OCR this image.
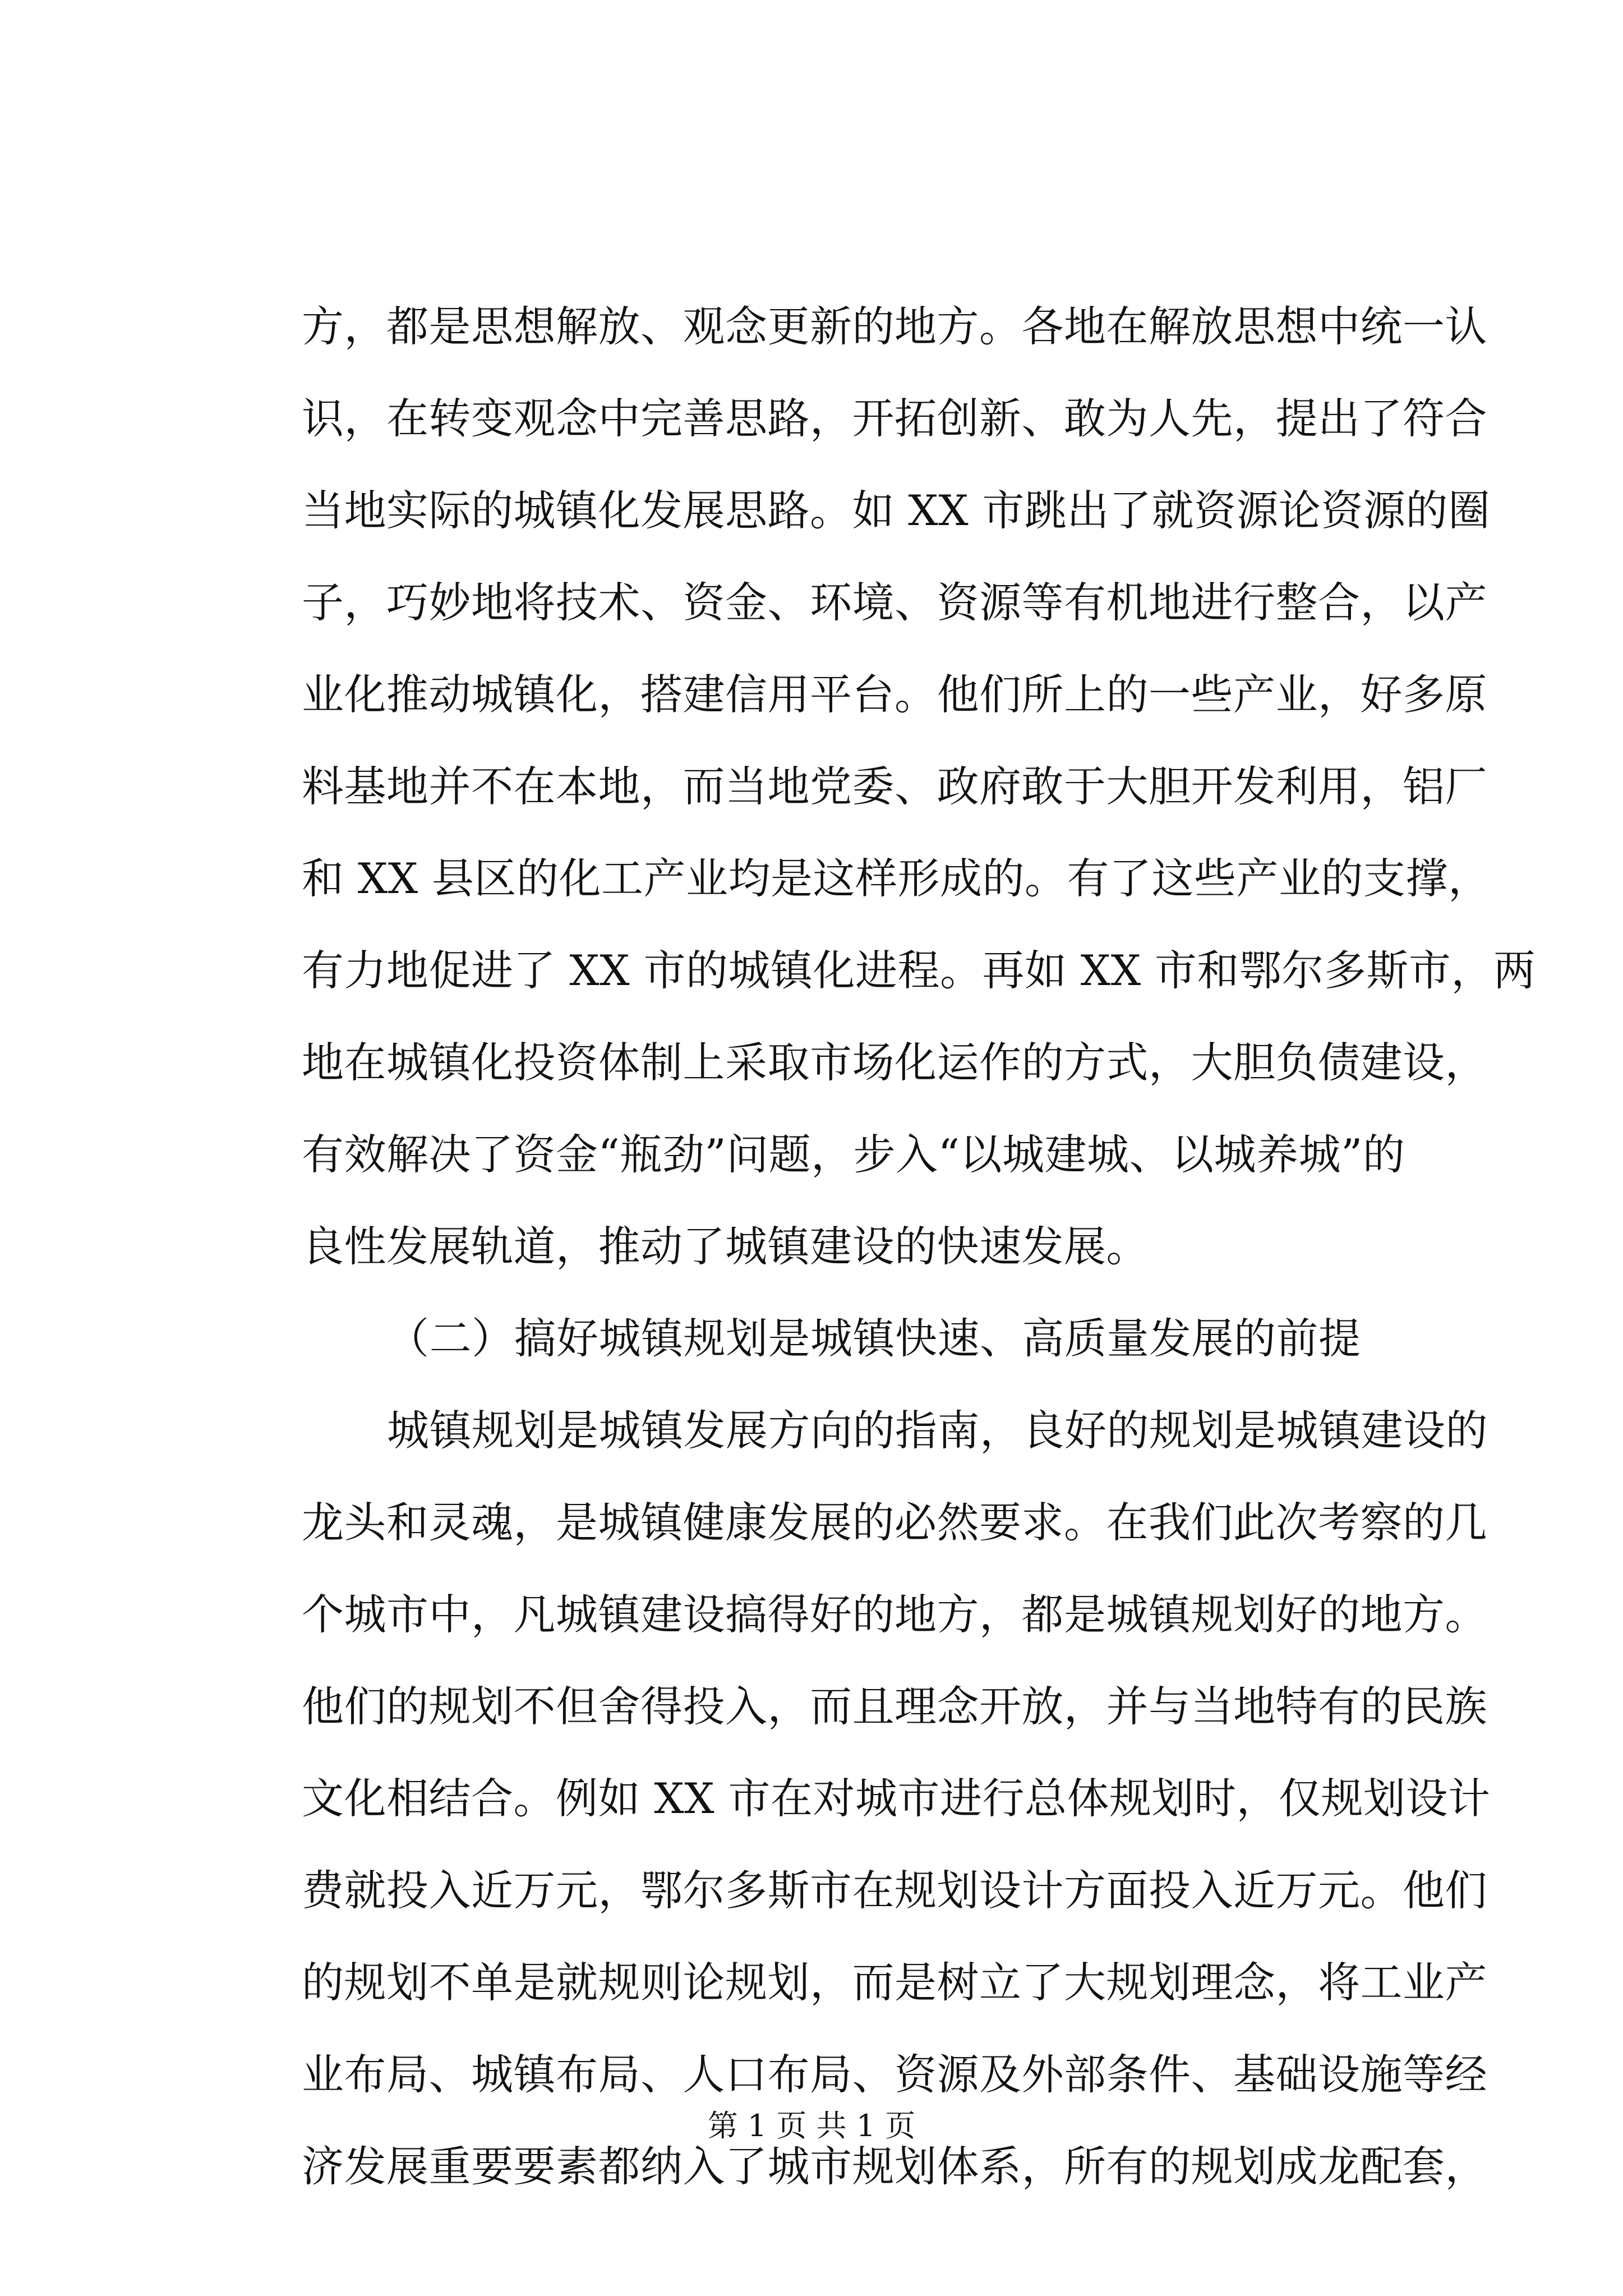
方，都是思想解放、观念更新的地方。各地在解放思想中统一认
识，在转变观念中完善思路，开拓创新、敢为人先，提出了符合
当地实际的城镇化发展思路。如 XX 市跳出了就资源论资源的圈
子，巧妙地将技术、资金、环境、资源等有机地进行整合，以产
业化推动城镇化，搭建信用平台。他们所上的一些产业，好多原
料基地并不在本地，而当地党委、政府敢于大胆开发利用，铝厂
和 XX 县区的化工产业均是这样形成的。有了这些产业的支撑，
有力地促进了 XX 市的城镇化进程。再如 XX 市和鄂尔多斯市，两
地在城镇化投资体制上采取市场化运作的方式，大胆负债建设，
有效解决了资金“瓶劲”问题，步入“以城建城、以城养城”的
良性发展轨道，推动了城镇建设的快速发展。
（二）搞好城镇规划是城镇快速、高质量发展的前提
城镇规划是城镇发展方向的指南，良好的规划是城镇建设的
龙头和灵魂，是城镇健康发展的必然要求。在我们此次考察的几
个城市中，凡城镇建设搞得好的地方，都是城镇规划好的地方。
他们的规划不但舍得投入，而且理念开放，并与当地特有的民族
文化相结合。例如 XX 市在对城市进行总体规划时，仅规划设计
费就投入近万元，鄂尔多斯市在规划设计方面投入近万元。他们
的规划不单是就规则论规划，而是树立了大规划理念，将工业产
业布局、城镇布局、人口布局、资源及外部条件、基础设施等经
济发展重要要素都纳入了城市规划体系，所有的规划成龙配套，
第 1 页 共 1 页
